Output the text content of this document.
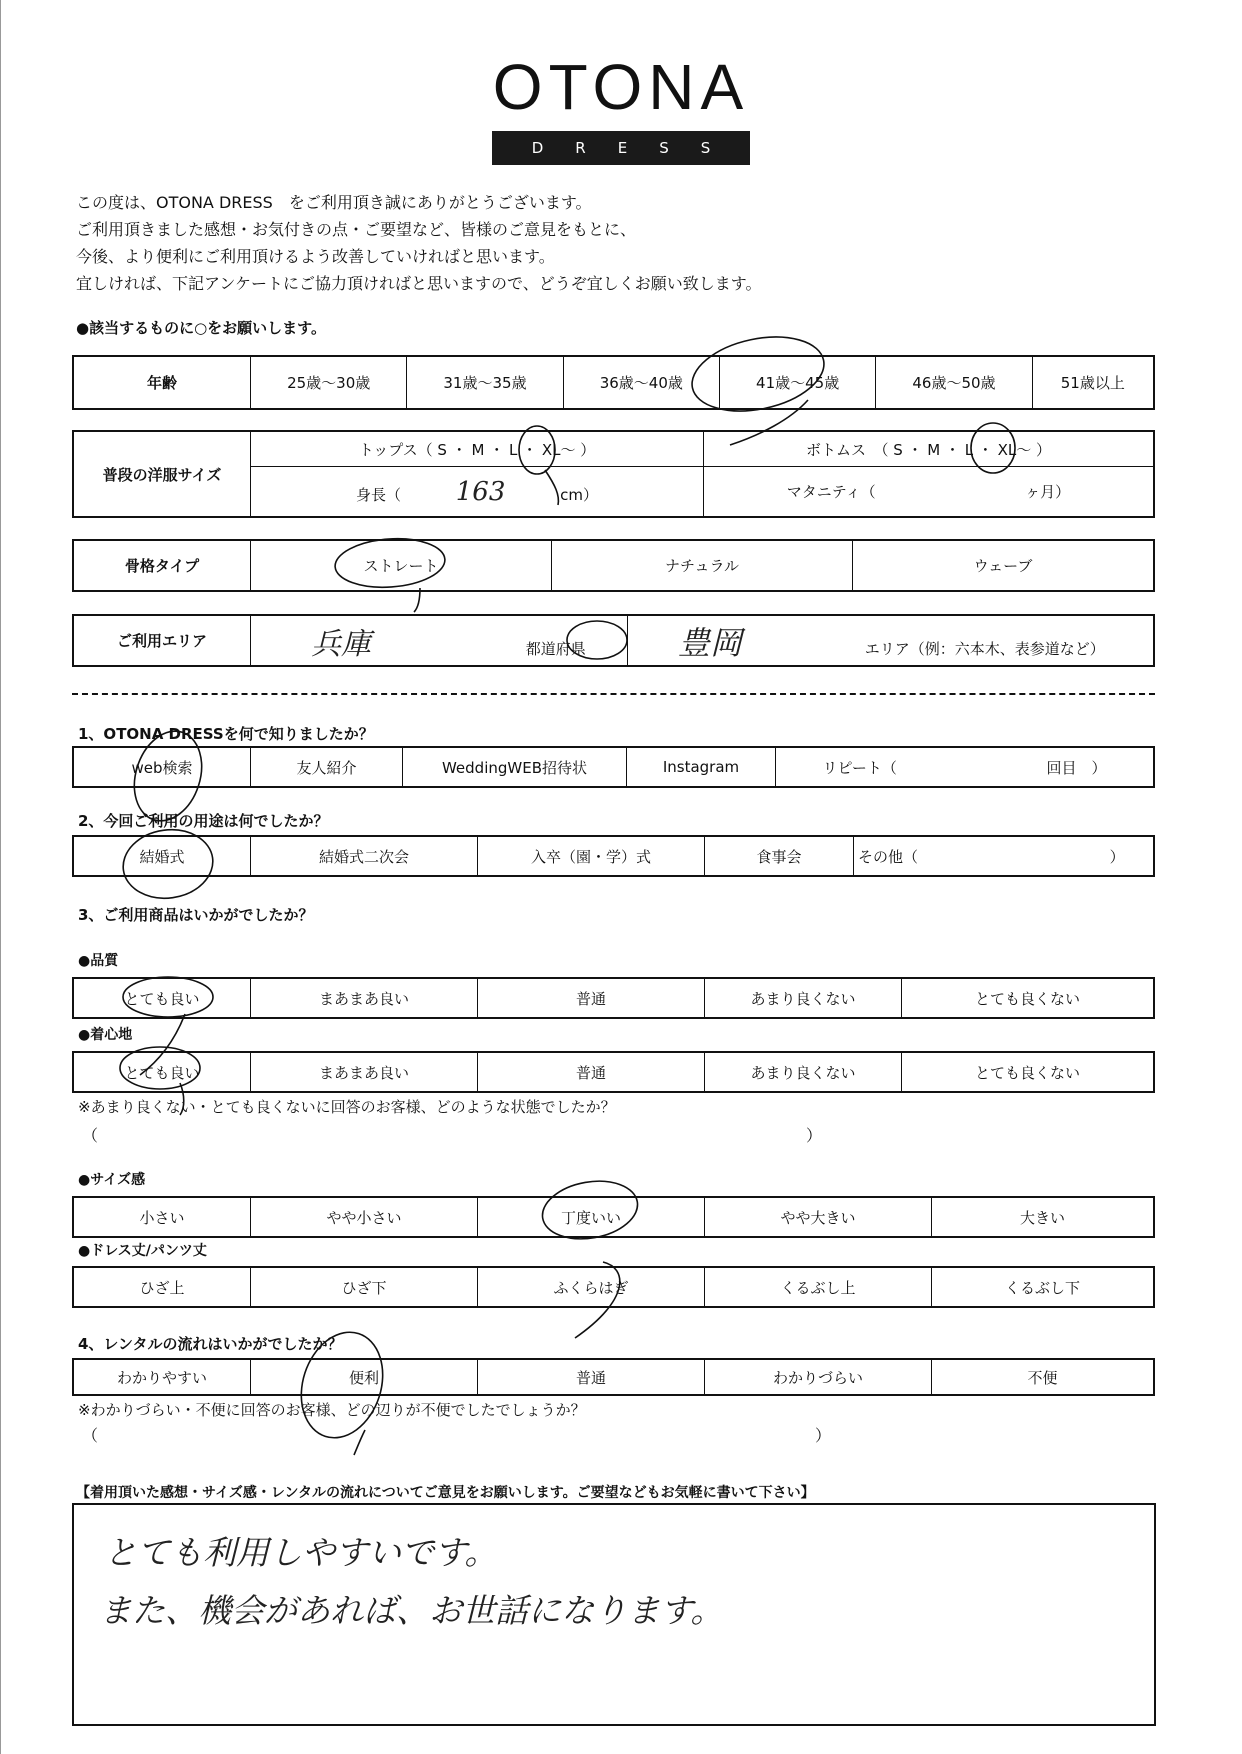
OTONA
DRESS
この度は、OTONA DRESS　をご利用頂き誠にありがとうございます。
ご利用頂きました感想・お気付きの点・ご要望など、皆様のご意見をもとに、
今後、より便利にご利用頂けるよう改善していければと思います。
宜しければ、下記アンケートにご協力頂ければと思いますので、どうぞ宜しくお願い致します。
●該当するものに○をお願いします。
年齢	25歳～30歳	31歳～35歳	36歳～40歳	41歳～45歳	46歳～50歳	51歳以上
普段の洋服サイズ	トップス（ S ・ M ・ L ・ XL～ ）	ボトムス　（ S ・ M ・ L ・ XL～ ）
	身長（ 163 cm）	マタニティ（ ヶ月）
骨格タイプ	ストレート	ナチュラル	ウェーブ
ご利用エリア	兵庫	都道府県	豊岡	エリア（例：六本木、表参道など）
1、OTONA DRESSを何で知りましたか？
web検索	友人紹介	WeddingWEB招待状	Instagram	リピート（	回目　）
2、今回ご利用の用途は何でしたか？
結婚式	結婚式二次会	入卒（園・学）式	食事会	その他（	）
3、ご利用商品はいかがでしたか？
●品質
とても良い	まあまあ良い	普通	あまり良くない	とても良くない
●着心地
とても良い	まあまあ良い	普通	あまり良くない	とても良くない
※あまり良くない・とても良くないに回答のお客様、どのような状態でしたか？
（	）
●サイズ感
小さい	やや小さい	丁度いい	やや大きい	大きい
●ドレス丈/パンツ丈
ひざ上	ひざ下	ふくらはぎ	くるぶし上	くるぶし下
4、レンタルの流れはいかがでしたか？
わかりやすい	便利	普通	わかりづらい	不便
※わかりづらい・不便に回答のお客様、どの辺りが不便でしたでしょうか？
（	）
【着用頂いた感想・サイズ感・レンタルの流れについてご意見をお願いします。ご要望などもお気軽に書いて下さい】
とても利用しやすいです。
また、機会があれば、お世話になります。
